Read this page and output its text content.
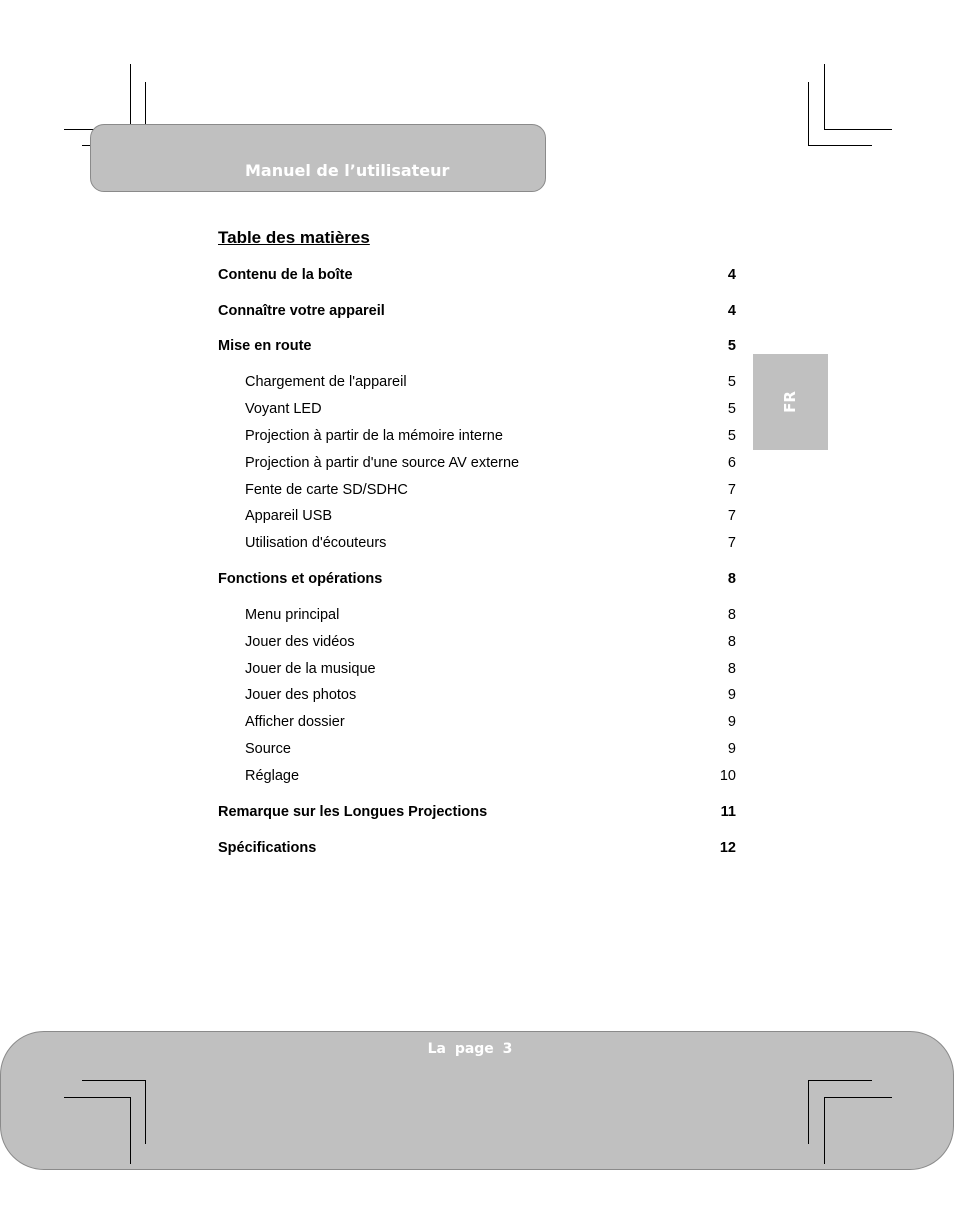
Manuel de l’utilisateur
FR
Table des matières
Contenu de la boîte	4
Connaître votre appareil	4
Mise en route	5
Chargement de l'appareil	5
Voyant LED	5
Projection à partir de la mémoire interne	5
Projection à partir d'une source AV externe	6
Fente de carte SD/SDHC	7
Appareil USB	7
Utilisation d'écouteurs	7
Fonctions et opérations	8
Menu principal	8
Jouer des vidéos	8
Jouer de la musique	8
Jouer des photos	9
Afficher dossier	9
Source	9
Réglage	10
Remarque sur les Longues Projections	11
Spécifications	12
La page 3
